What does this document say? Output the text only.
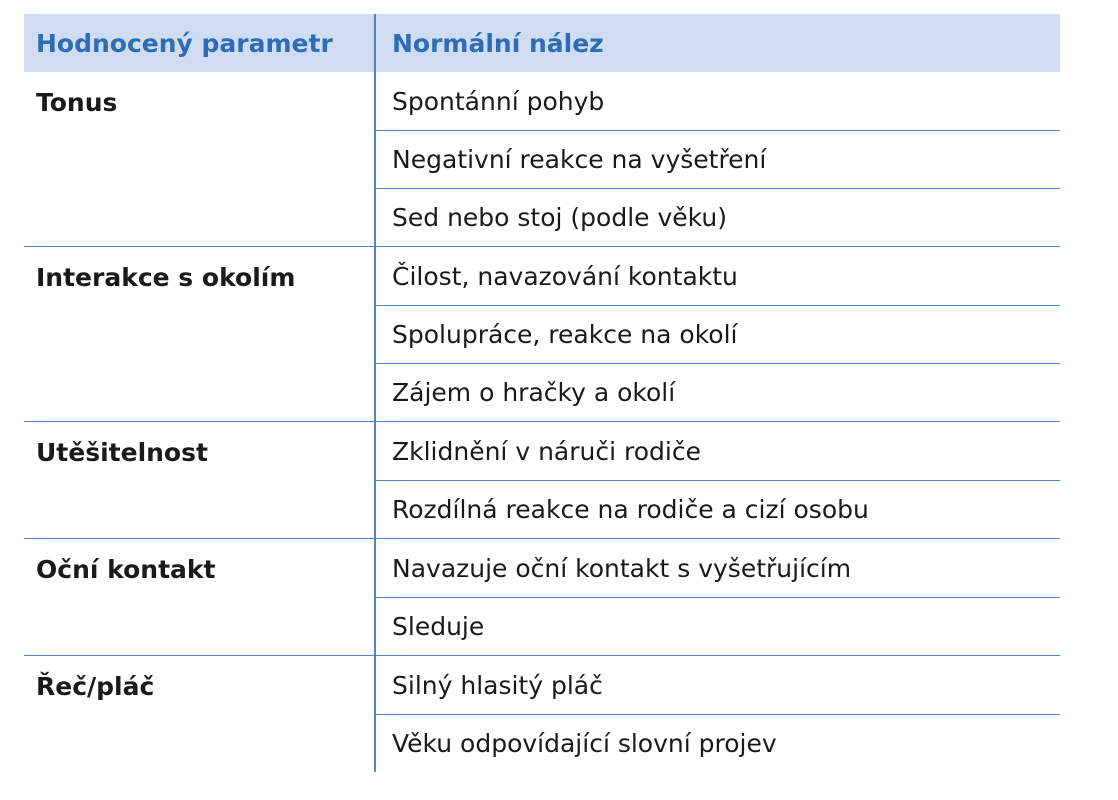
Hodnocený parametr	Normální nález
Tonus	Spontánní pohyb
Negativní reakce na vyšetření
Sed nebo stoj (podle věku)
Interakce s okolím	Čilost, navazování kontaktu
Spolupráce, reakce na okolí
Zájem o hračky a okolí
Utěšitelnost	Zklidnění v náruči rodiče
Rozdílná reakce na rodiče a cizí osobu
Oční kontakt	Navazuje oční kontakt s vyšetřujícím
Sleduje
Řeč/pláč	Silný hlasitý pláč
Věku odpovídající slovní projev
